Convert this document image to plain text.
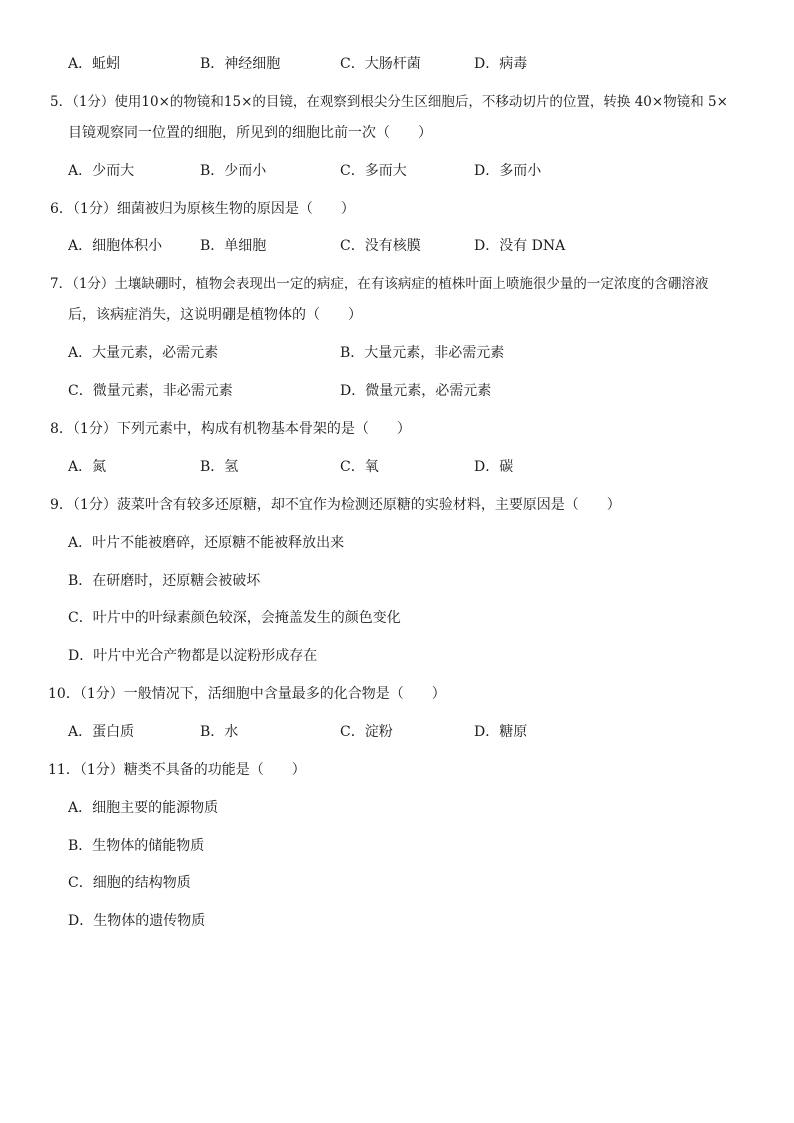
A．蚯蚓	B．神经细胞	C．大肠杆菌	D．病毒
5．（1分）使用10×的物镜和15×的目镜，在观察到根尖分生区细胞后，不移动切片的位置，转换 40×物镜和 5×
目镜观察同一位置的细胞，所见到的细胞比前一次（　　）
A．少而大	B．少而小	C．多而大	D．多而小
6．（1分）细菌被归为原核生物的原因是（　　）
A．细胞体积小	B．单细胞	C．没有核膜	D．没有 DNA
7．（1分）土壤缺硼时，植物会表现出一定的病症，在有该病症的植株叶面上喷施很少量的一定浓度的含硼溶液
后，该病症消失，这说明硼是植物体的（　　）
A．大量元素，必需元素	B．大量元素，非必需元素
C．微量元素，非必需元素	D．微量元素，必需元素
8．（1分）下列元素中，构成有机物基本骨架的是（　　）
A．氮	B．氢	C．氧	D．碳
9．（1分）菠菜叶含有较多还原糖，却不宜作为检测还原糖的实验材料，主要原因是（　　）
A．叶片不能被磨碎，还原糖不能被释放出来
B．在研磨时，还原糖会被破坏
C．叶片中的叶绿素颜色较深，会掩盖发生的颜色变化
D．叶片中光合产物都是以淀粉形成存在
10．（1分）一般情况下，活细胞中含量最多的化合物是（　　）
A．蛋白质	B．水	C．淀粉	D．糖原
11．（1分）糖类不具备的功能是（　　）
A．细胞主要的能源物质
B．生物体的储能物质
C．细胞的结构物质
D．生物体的遗传物质
